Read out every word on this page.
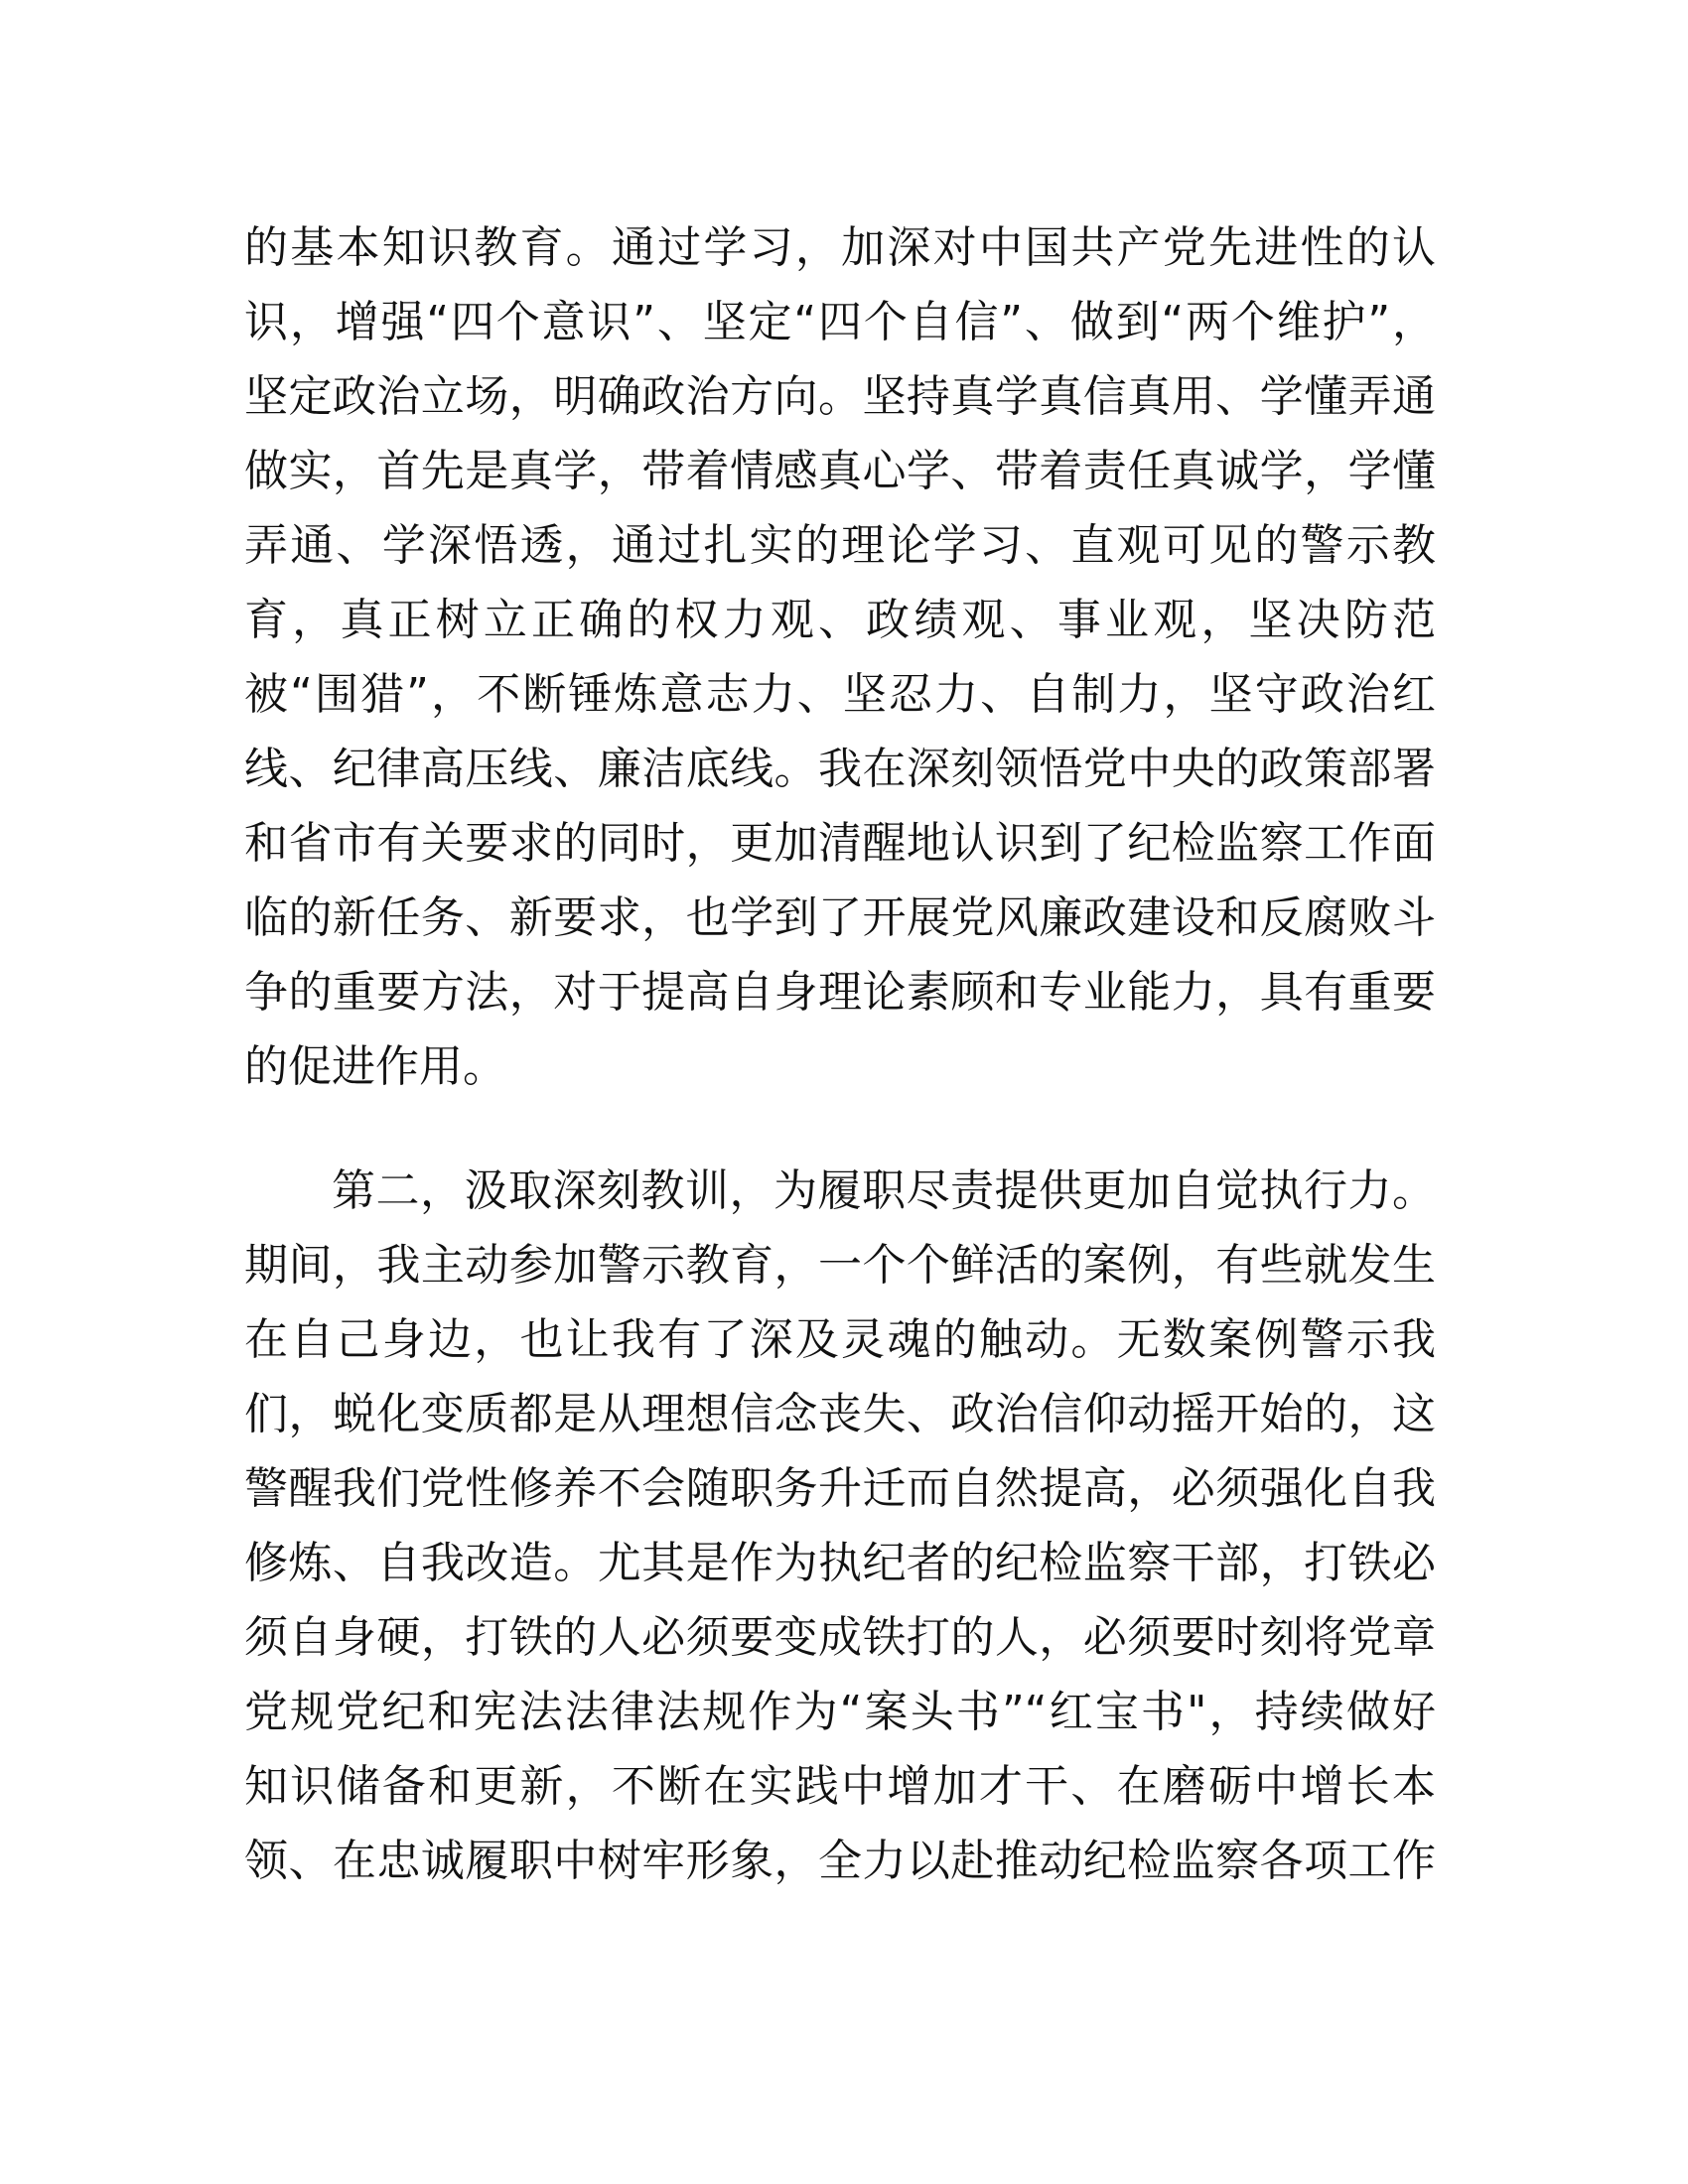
的基本知识教育。通过学习，加深对中国共产党先进性的认
识，增强“四个意识”、坚定“四个自信”、做到“两个维护”，
坚定政治立场，明确政治方向。坚持真学真信真用、学懂弄通
做实，首先是真学，带着情感真心学、带着责任真诚学，学懂
弄通、学深悟透，通过扎实的理论学习、直观可见的警示教
育，真正树立正确的权力观、政绩观、事业观，坚决防范
被“围猎”，不断锤炼意志力、坚忍力、自制力，坚守政治红
线、纪律高压线、廉洁底线。我在深刻领悟党中央的政策部署
和省市有关要求的同时，更加清醒地认识到了纪检监察工作面
临的新任务、新要求，也学到了开展党风廉政建设和反腐败斗
争的重要方法，对于提高自身理论素顾和专业能力，具有重要
的促进作用。
第二，汲取深刻教训，为履职尽责提供更加自觉执行力。
期间，我主动参加警示教育，一个个鲜活的案例，有些就发生
在自己身边，也让我有了深及灵魂的触动。无数案例警示我
们，蜕化变质都是从理想信念丧失、政治信仰动摇开始的，这
警醒我们党性修养不会随职务升迁而自然提高，必须强化自我
修炼、自我改造。尤其是作为执纪者的纪检监察干部，打铁必
须自身硬，打铁的人必须要变成铁打的人，必须要时刻将党章
党规党纪和宪法法律法规作为“案头书”“红宝书"，持续做好
知识储备和更新，不断在实践中增加才干、在磨砺中增长本
领、在忠诚履职中树牢形象，全力以赴推动纪检监察各项工作
